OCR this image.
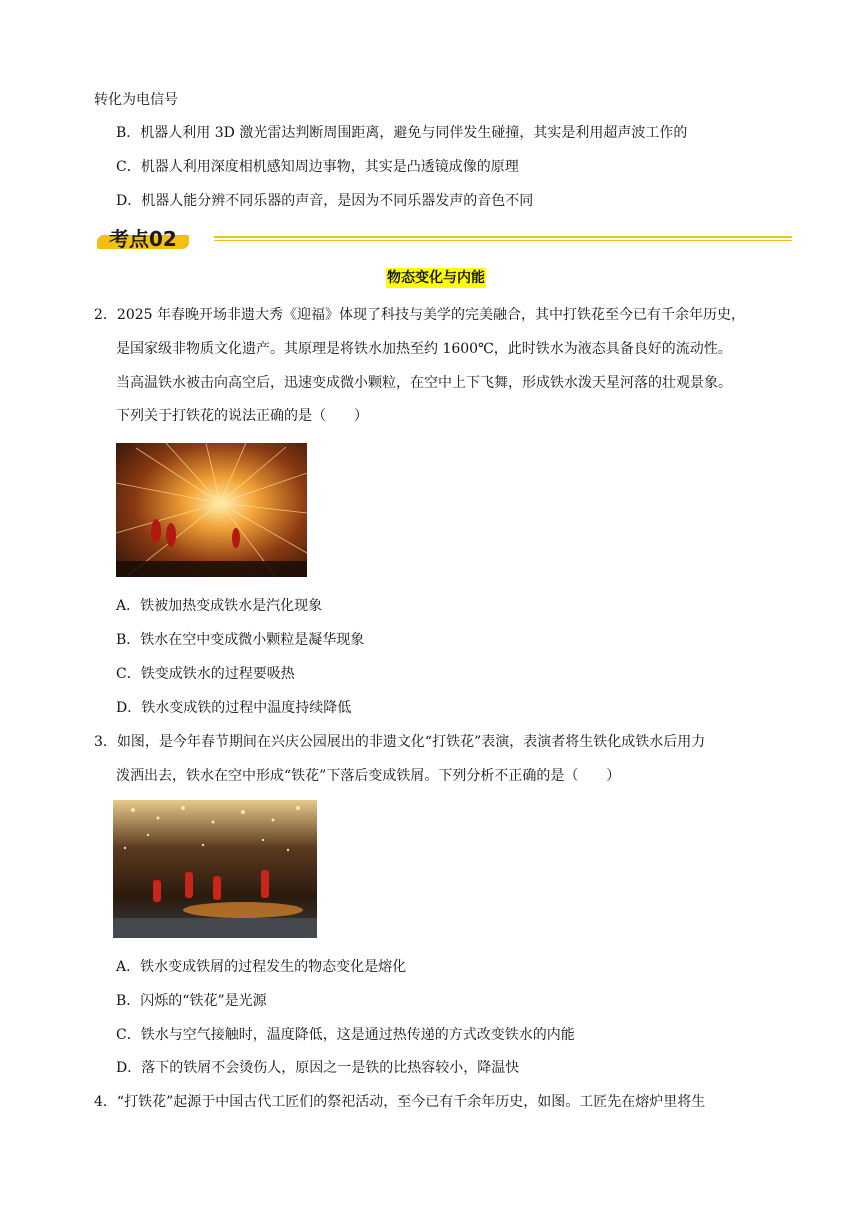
转化为电信号
B．机器人利用 3D 激光雷达判断周围距离，避免与同伴发生碰撞，其实是利用超声波工作的
C．机器人利用深度相机感知周边事物，其实是凸透镜成像的原理
D．机器人能分辨不同乐器的声音，是因为不同乐器发声的音色不同
考点02
物态变化与内能
2．2025 年春晚开场非遗大秀《迎福》体现了科技与美学的完美融合，其中打铁花至今已有千余年历史，
是国家级非物质文化遗产。其原理是将铁水加热至约 1600℃，此时铁水为液态具备良好的流动性。
当高温铁水被击向高空后，迅速变成微小颗粒，在空中上下飞舞，形成铁水泼天星河落的壮观景象。
下列关于打铁花的说法正确的是（　　）
A．铁被加热变成铁水是汽化现象
B．铁水在空中变成微小颗粒是凝华现象
C．铁变成铁水的过程要吸热
D．铁水变成铁的过程中温度持续降低
3．如图，是今年春节期间在兴庆公园展出的非遗文化“打铁花”表演，表演者将生铁化成铁水后用力
泼洒出去，铁水在空中形成“铁花”下落后变成铁屑。下列分析不正确的是（　　）
A．铁水变成铁屑的过程发生的物态变化是熔化
B．闪烁的“铁花”是光源
C．铁水与空气接触时，温度降低，这是通过热传递的方式改变铁水的内能
D．落下的铁屑不会烫伤人，原因之一是铁的比热容较小，降温快
4．“打铁花”起源于中国古代工匠们的祭祀活动，至今已有千余年历史，如图。工匠先在熔炉里将生
